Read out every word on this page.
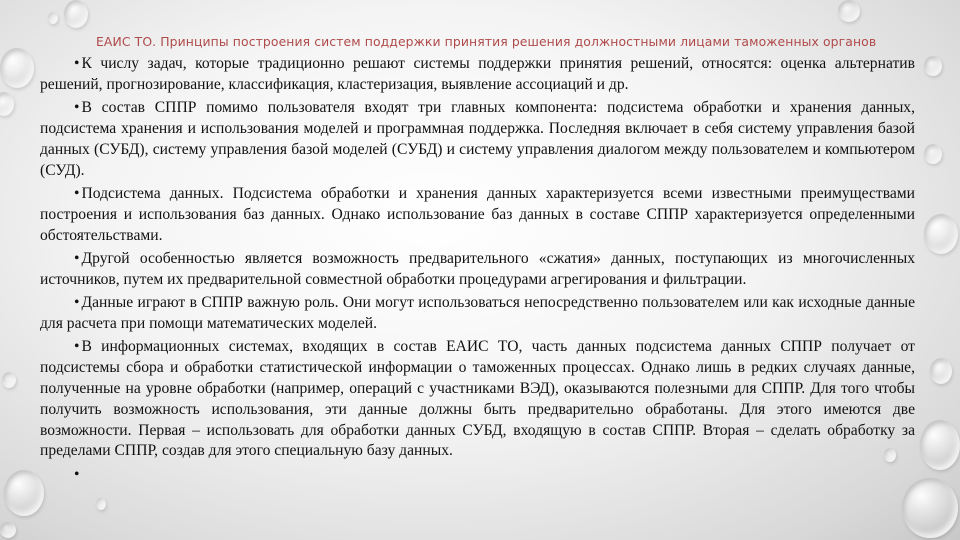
ЕАИС ТО. Принципы построения систем поддержки принятия решения должностными лицами таможенных органов

• К числу задач, которые традиционно решают системы поддержки принятия решений, относятся: оценка альтернатив решений, прогнозирование, классификация, кластеризация, выявление ассоциаций и др.

• В состав СППР помимо пользователя входят три главных компонента: подсистема обработки и хранения данных, подсистема хранения и использования моделей и программная поддержка. Последняя включает в себя систему управления базой данных (СУБД), систему управления базой моделей (СУБД) и систему управления диалогом между пользователем и компьютером (СУД).

• Подсистема данных. Подсистема обработки и хранения данных характеризуется всеми известными преимуществами построения и использования баз данных. Однако использование баз данных в составе СППР характеризуется определенными обстоятельствами.

• Другой особенностью является возможность предварительного «сжатия» данных, поступающих из многочисленных источников, путем их предварительной совместной обработки процедурами агрегирования и фильтрации.

• Данные играют в СППР важную роль. Они могут использоваться непосредственно пользователем или как исходные данные для расчета при помощи математических моделей.

• В информационных системах, входящих в состав ЕАИС ТО, часть данных подсистема данных СППР получает от подсистемы сбора и обработки статистической информации о таможенных процессах. Однако лишь в редких случаях данные, полученные на уровне обработки (например, операций с участниками ВЭД), оказываются полезными для СППР. Для того чтобы получить возможность использования, эти данные должны быть предварительно обработаны. Для этого имеются две возможности. Первая – использовать для обработки данных СУБД, входящую в состав СППР. Вторая – сделать обработку за пределами СППР, создав для этого специальную базу данных.

•
